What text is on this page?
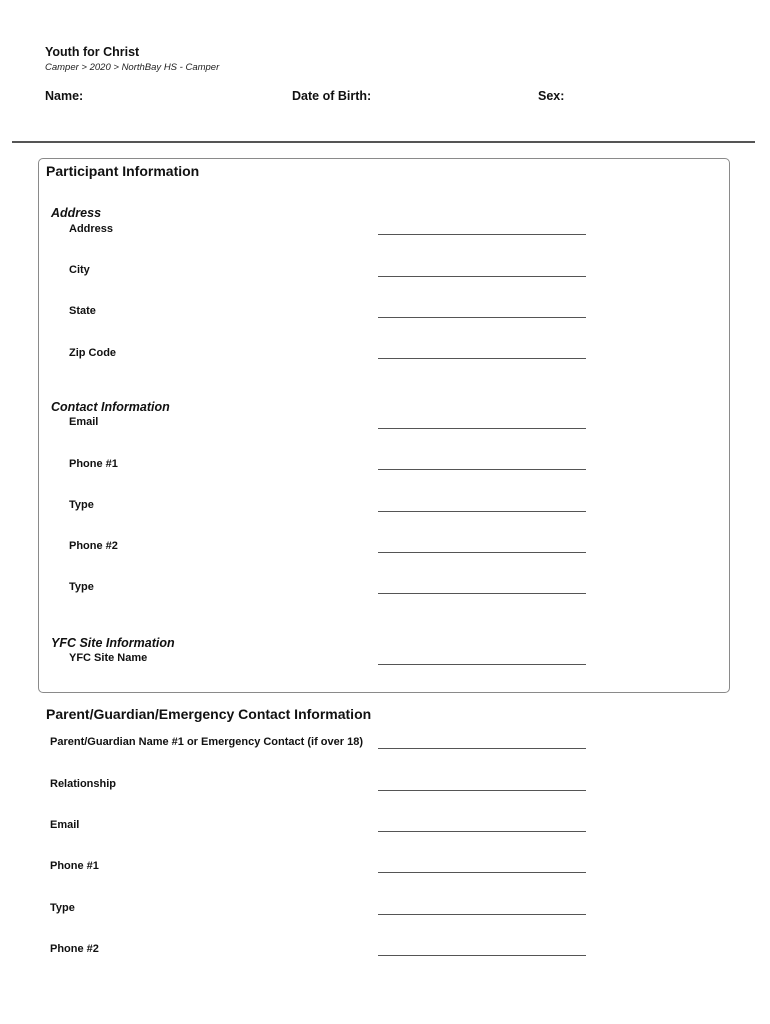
Youth for Christ
Camper > 2020 > NorthBay HS - Camper
Name:	Date of Birth:	Sex:
Participant Information
Address
Address
City
State
Zip Code
Contact Information
Email
Phone #1
Type
Phone #2
Type
YFC Site Information
YFC Site Name
Parent/Guardian/Emergency Contact Information
Parent/Guardian Name #1 or Emergency Contact (if over 18)
Relationship
Email
Phone #1
Type
Phone #2
